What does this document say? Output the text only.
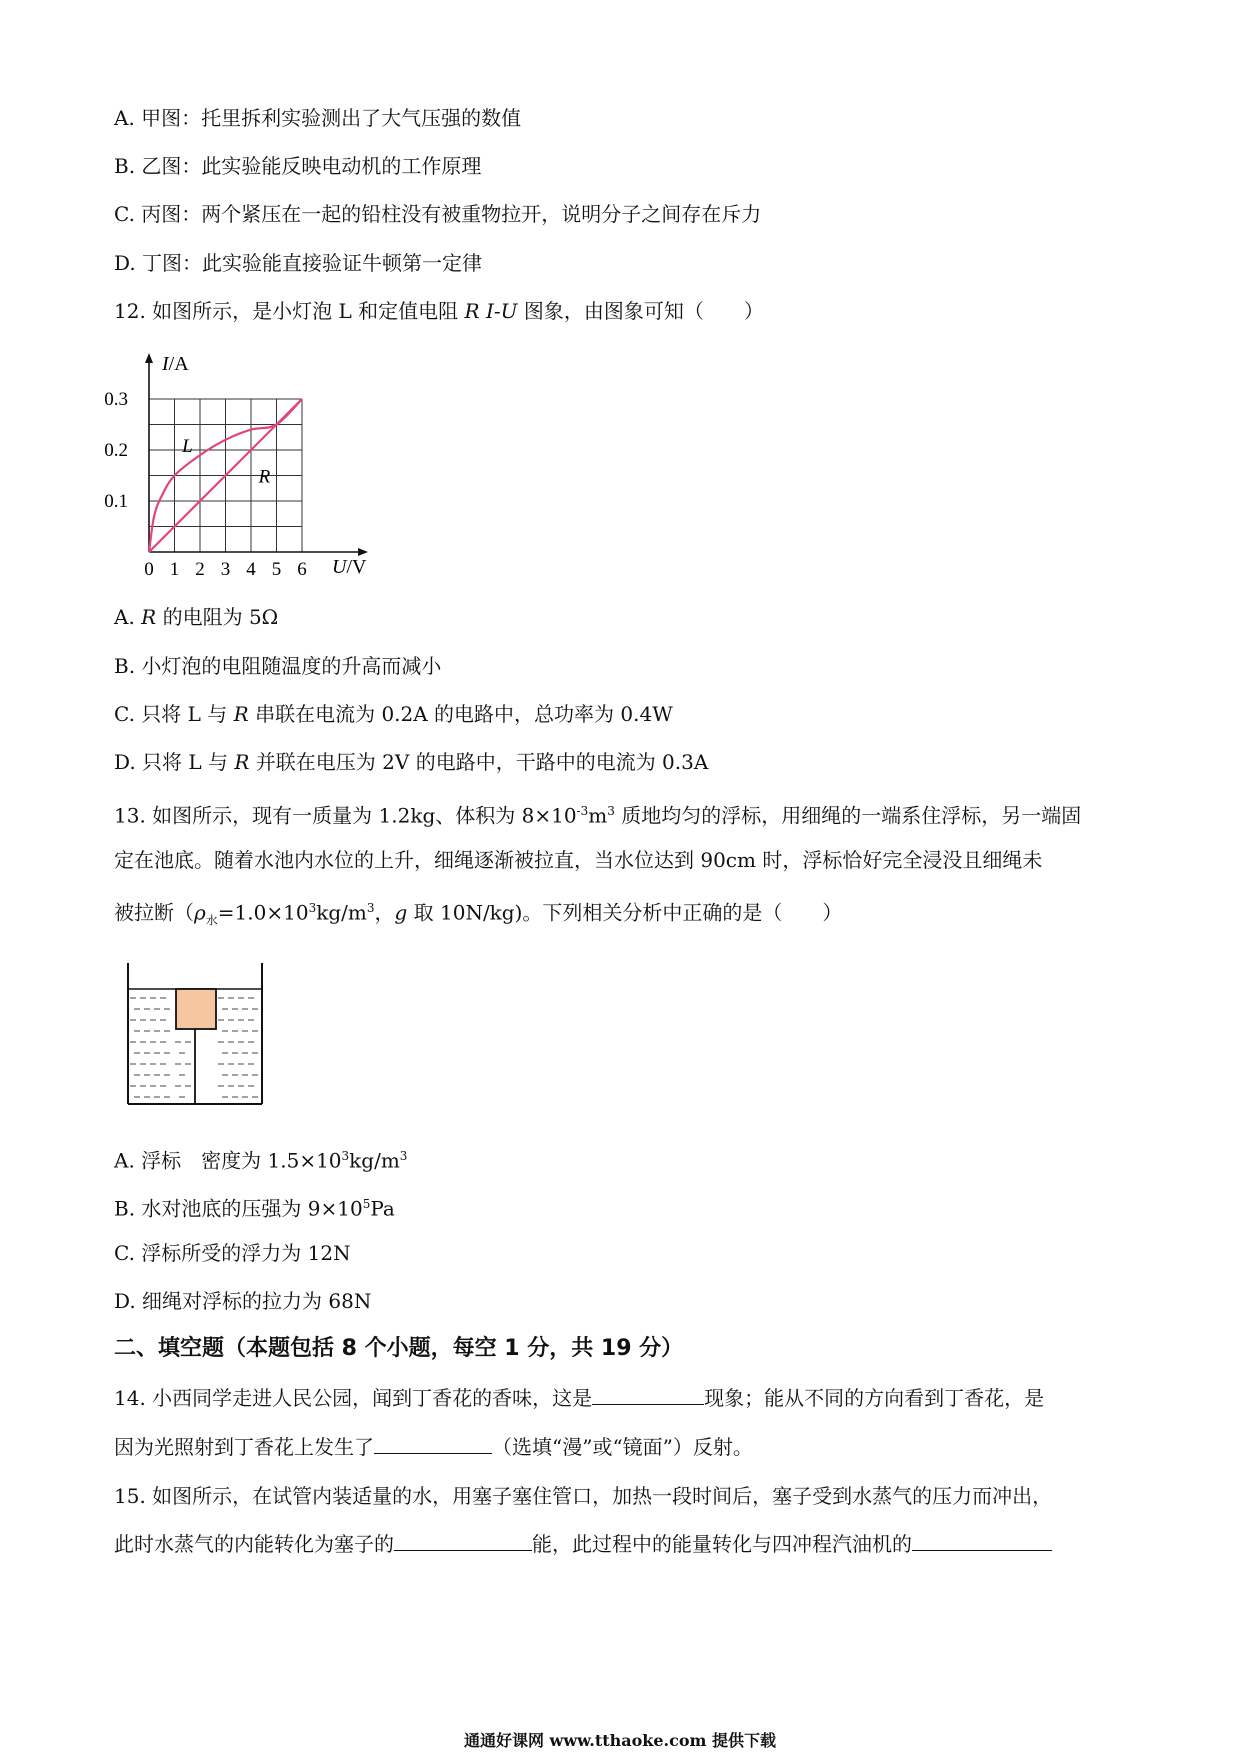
A. 甲图：托里拆利实验测出了大气压强的数值
B. 乙图：此实验能反映电动机的工作原理
C. 丙图：两个紧压在一起的铅柱没有被重物拉开，说明分子之间存在斥力
D. 丁图：此实验能直接验证牛顿第一定律
12. 如图所示，是小灯泡 L 和定值电阻 R I-U 图象，由图象可知（　　）
L
R
0 1 2 3 4 5 6
0.1
0.2
0.3
I/A
U/V
A. R 的电阻为 5Ω
B. 小灯泡的电阻随温度的升高而减小
C. 只将 L 与 R 串联在电流为 0.2A 的电路中，总功率为 0.4W
D. 只将 L 与 R 并联在电压为 2V 的电路中，干路中的电流为 0.3A
13. 如图所示，现有一质量为 1.2kg、体积为 $8\times 10^{-3}m^3$ 质地均匀的浮标，用细绳的一端系住浮标，另一端固
定在池底。随着水池内水位的上升，细绳逐渐被拉直，当水位达到 90cm 时，浮标恰好完全浸没且细绳未
被拉断（$\rho_水=1.0\times 10^3kg/m^3$，g 取 10N/kg)。下列相关分析中正确的是（　　）
A. 浮标　密度为 $1.5\times 10^3kg/m^3$
B. 水对池底的压强为 $9\times 10^5Pa$
C. 浮标所受的浮力为 12N
D. 细绳对浮标的拉力为 68N
二、填空题（本题包括 8 个小题，每空 1 分，共 19 分）
14. 小西同学走进人民公园，闻到丁香花的香味，这是	现象；能从不同的方向看到丁香花，是
因为光照射到丁香花上发生了	（选填“漫”或“镜面”）反射。
15. 如图所示，在试管内装适量的水，用塞子塞住管口，加热一段时间后，塞子受到水蒸气的压力而冲出，
此时水蒸气的内能转化为塞子的	能，此过程中的能量转化与四冲程汽油机的
通通好课网 www.tthaoke.com 提供下载
